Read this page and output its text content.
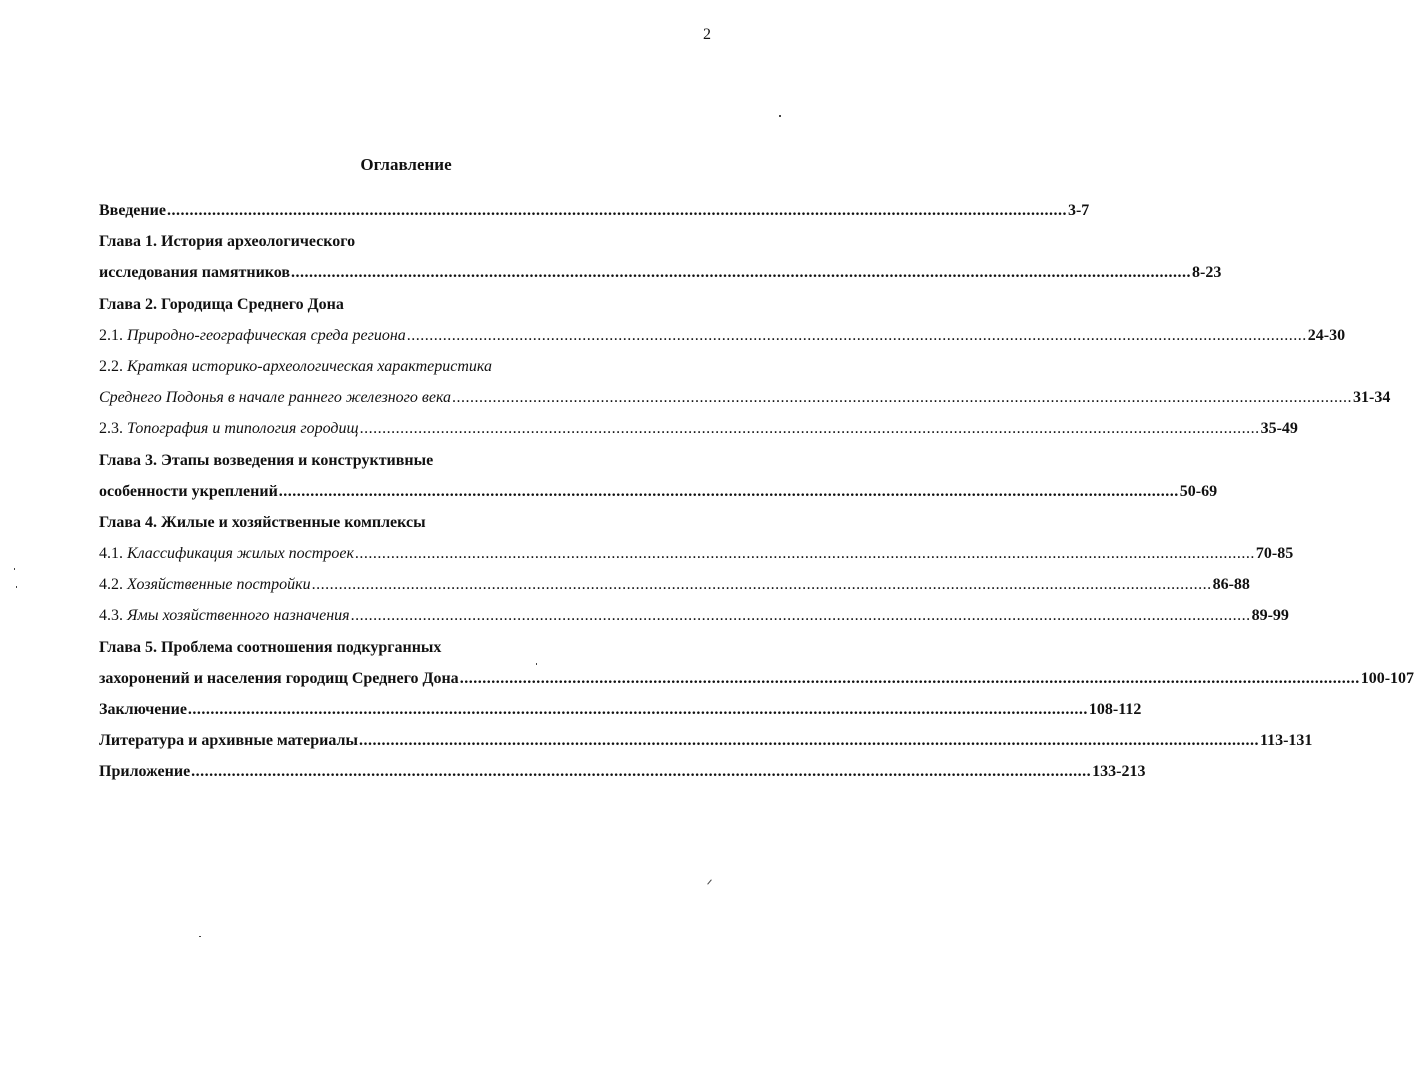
2
Оглавление
Введение ........................................................................................................................................................................................................ 3-7
Глава 1. История археологического
исследования памятников ........................................................................................................................................................................................................ 8-23
Глава 2. Городища Среднего Дона
2.1. Природно-географическая среда региона ........................................................................................................................................................................................................ 24-30
2.2. Краткая историко-археологическая характеристика
Среднего Подонья в начале раннего железного века ........................................................................................................................................................................................................ 31-34
2.3. Топография и типология городищ ........................................................................................................................................................................................................ 35-49
Глава 3. Этапы возведения и конструктивные
особенности укреплений ........................................................................................................................................................................................................ 50-69
Глава 4. Жилые и хозяйственные комплексы
4.1. Классификация жилых построек ........................................................................................................................................................................................................ 70-85
4.2. Хозяйственные постройки ........................................................................................................................................................................................................ 86-88
4.3. Ямы хозяйственного назначения ........................................................................................................................................................................................................ 89-99
Глава 5. Проблема соотношения подкурганных
захоронений и населения городищ Среднего Дона ........................................................................................................................................................................................................ 100-107
Заключение ........................................................................................................................................................................................................ 108-112
Литература и архивные материалы ........................................................................................................................................................................................................ 113-131
Приложение ........................................................................................................................................................................................................ 133-213
